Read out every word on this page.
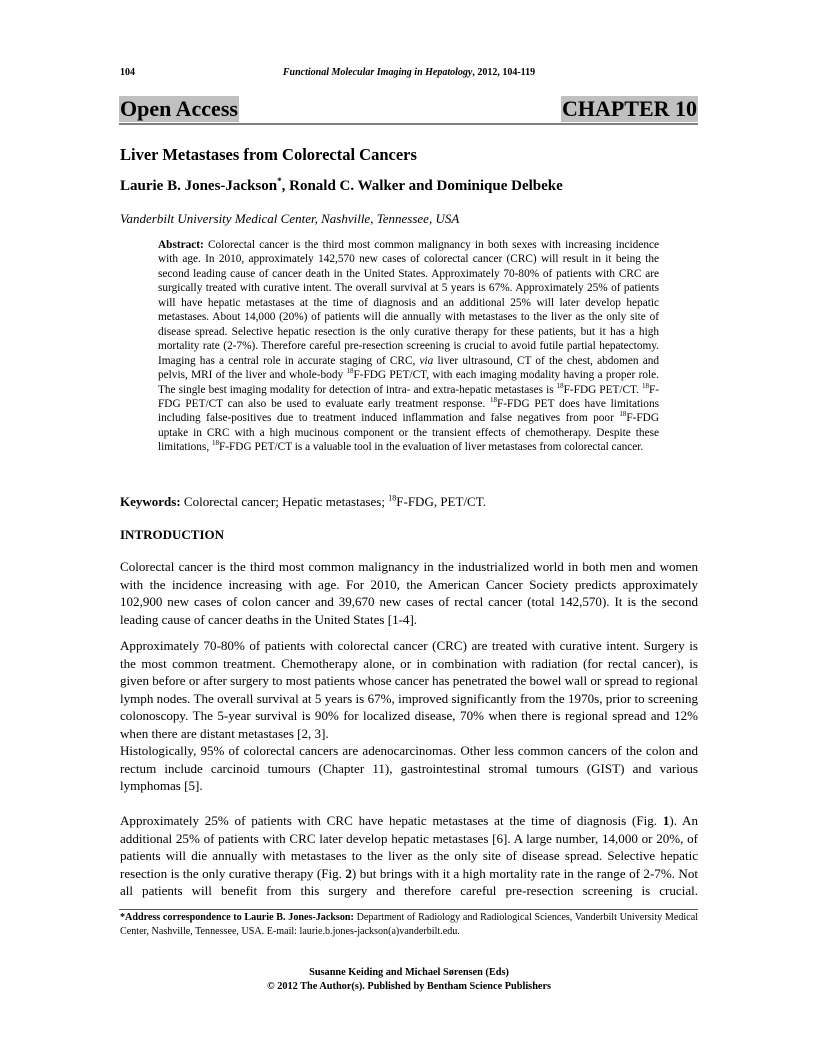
104	Functional Molecular Imaging in Hepatology, 2012, 104-119
Open Access	CHAPTER 10
Liver Metastases from Colorectal Cancers
Laurie B. Jones-Jackson*, Ronald C. Walker and Dominique Delbeke
Vanderbilt University Medical Center, Nashville, Tennessee, USA
Abstract: Colorectal cancer is the third most common malignancy in both sexes with increasing incidence with age. In 2010, approximately 142,570 new cases of colorectal cancer (CRC) will result in it being the second leading cause of cancer death in the United States. Approximately 70-80% of patients with CRC are surgically treated with curative intent. The overall survival at 5 years is 67%. Approximately 25% of patients will have hepatic metastases at the time of diagnosis and an additional 25% will later develop hepatic metastases. About 14,000 (20%) of patients will die annually with metastases to the liver as the only site of disease spread. Selective hepatic resection is the only curative therapy for these patients, but it has a high mortality rate (2-7%). Therefore careful pre-resection screening is crucial to avoid futile partial hepatectomy. Imaging has a central role in accurate staging of CRC, via liver ultrasound, CT of the chest, abdomen and pelvis, MRI of the liver and whole-body $^{18}$F-FDG PET/CT, with each imaging modality having a proper role. The single best imaging modality for detection of intra- and extra-hepatic metastases is $^{18}$F-FDG PET/CT. $^{18}$F-FDG PET/CT can also be used to evaluate early treatment response. $^{18}$F-FDG PET does have limitations including false-positives due to treatment induced inflammation and false negatives from poor $^{18}$F-FDG uptake in CRC with a high mucinous component or the transient effects of chemotherapy. Despite these limitations, $^{18}$F-FDG PET/CT is a valuable tool in the evaluation of liver metastases from colorectal cancer.
Keywords: Colorectal cancer; Hepatic metastases; $^{18}$F-FDG, PET/CT.
INTRODUCTION
Colorectal cancer is the third most common malignancy in the industrialized world in both men and women with the incidence increasing with age. For 2010, the American Cancer Society predicts approximately 102,900 new cases of colon cancer and 39,670 new cases of rectal cancer (total 142,570). It is the second leading cause of cancer deaths in the United States [1-4].
Approximately 70-80% of patients with colorectal cancer (CRC) are treated with curative intent. Surgery is the most common treatment. Chemotherapy alone, or in combination with radiation (for rectal cancer), is given before or after surgery to most patients whose cancer has penetrated the bowel wall or spread to regional lymph nodes. The overall survival at 5 years is 67%, improved significantly from the 1970s, prior to screening colonoscopy. The 5-year survival is 90% for localized disease, 70% when there is regional spread and 12% when there are distant metastases [2, 3].
Histologically, 95% of colorectal cancers are adenocarcinomas. Other less common cancers of the colon and rectum include carcinoid tumours (Chapter 11), gastrointestinal stromal tumours (GIST) and various lymphomas [5].
Approximately 25% of patients with CRC have hepatic metastases at the time of diagnosis (Fig. 1). An additional 25% of patients with CRC later develop hepatic metastases [6]. A large number, 14,000 or 20%, of patients will die annually with metastases to the liver as the only site of disease spread. Selective hepatic resection is the only curative therapy (Fig. 2) but brings with it a high mortality rate in the range of 2-7%. Not all patients will benefit from this surgery and therefore careful pre-resection screening is crucial.
*Address correspondence to Laurie B. Jones-Jackson: Department of Radiology and Radiological Sciences, Vanderbilt University Medical Center, Nashville, Tennessee, USA. E-mail: laurie.b.jones-jackson(a)vanderbilt.edu.
Susanne Keiding and Michael Sørensen (Eds)
© 2012 The Author(s). Published by Bentham Science Publishers
